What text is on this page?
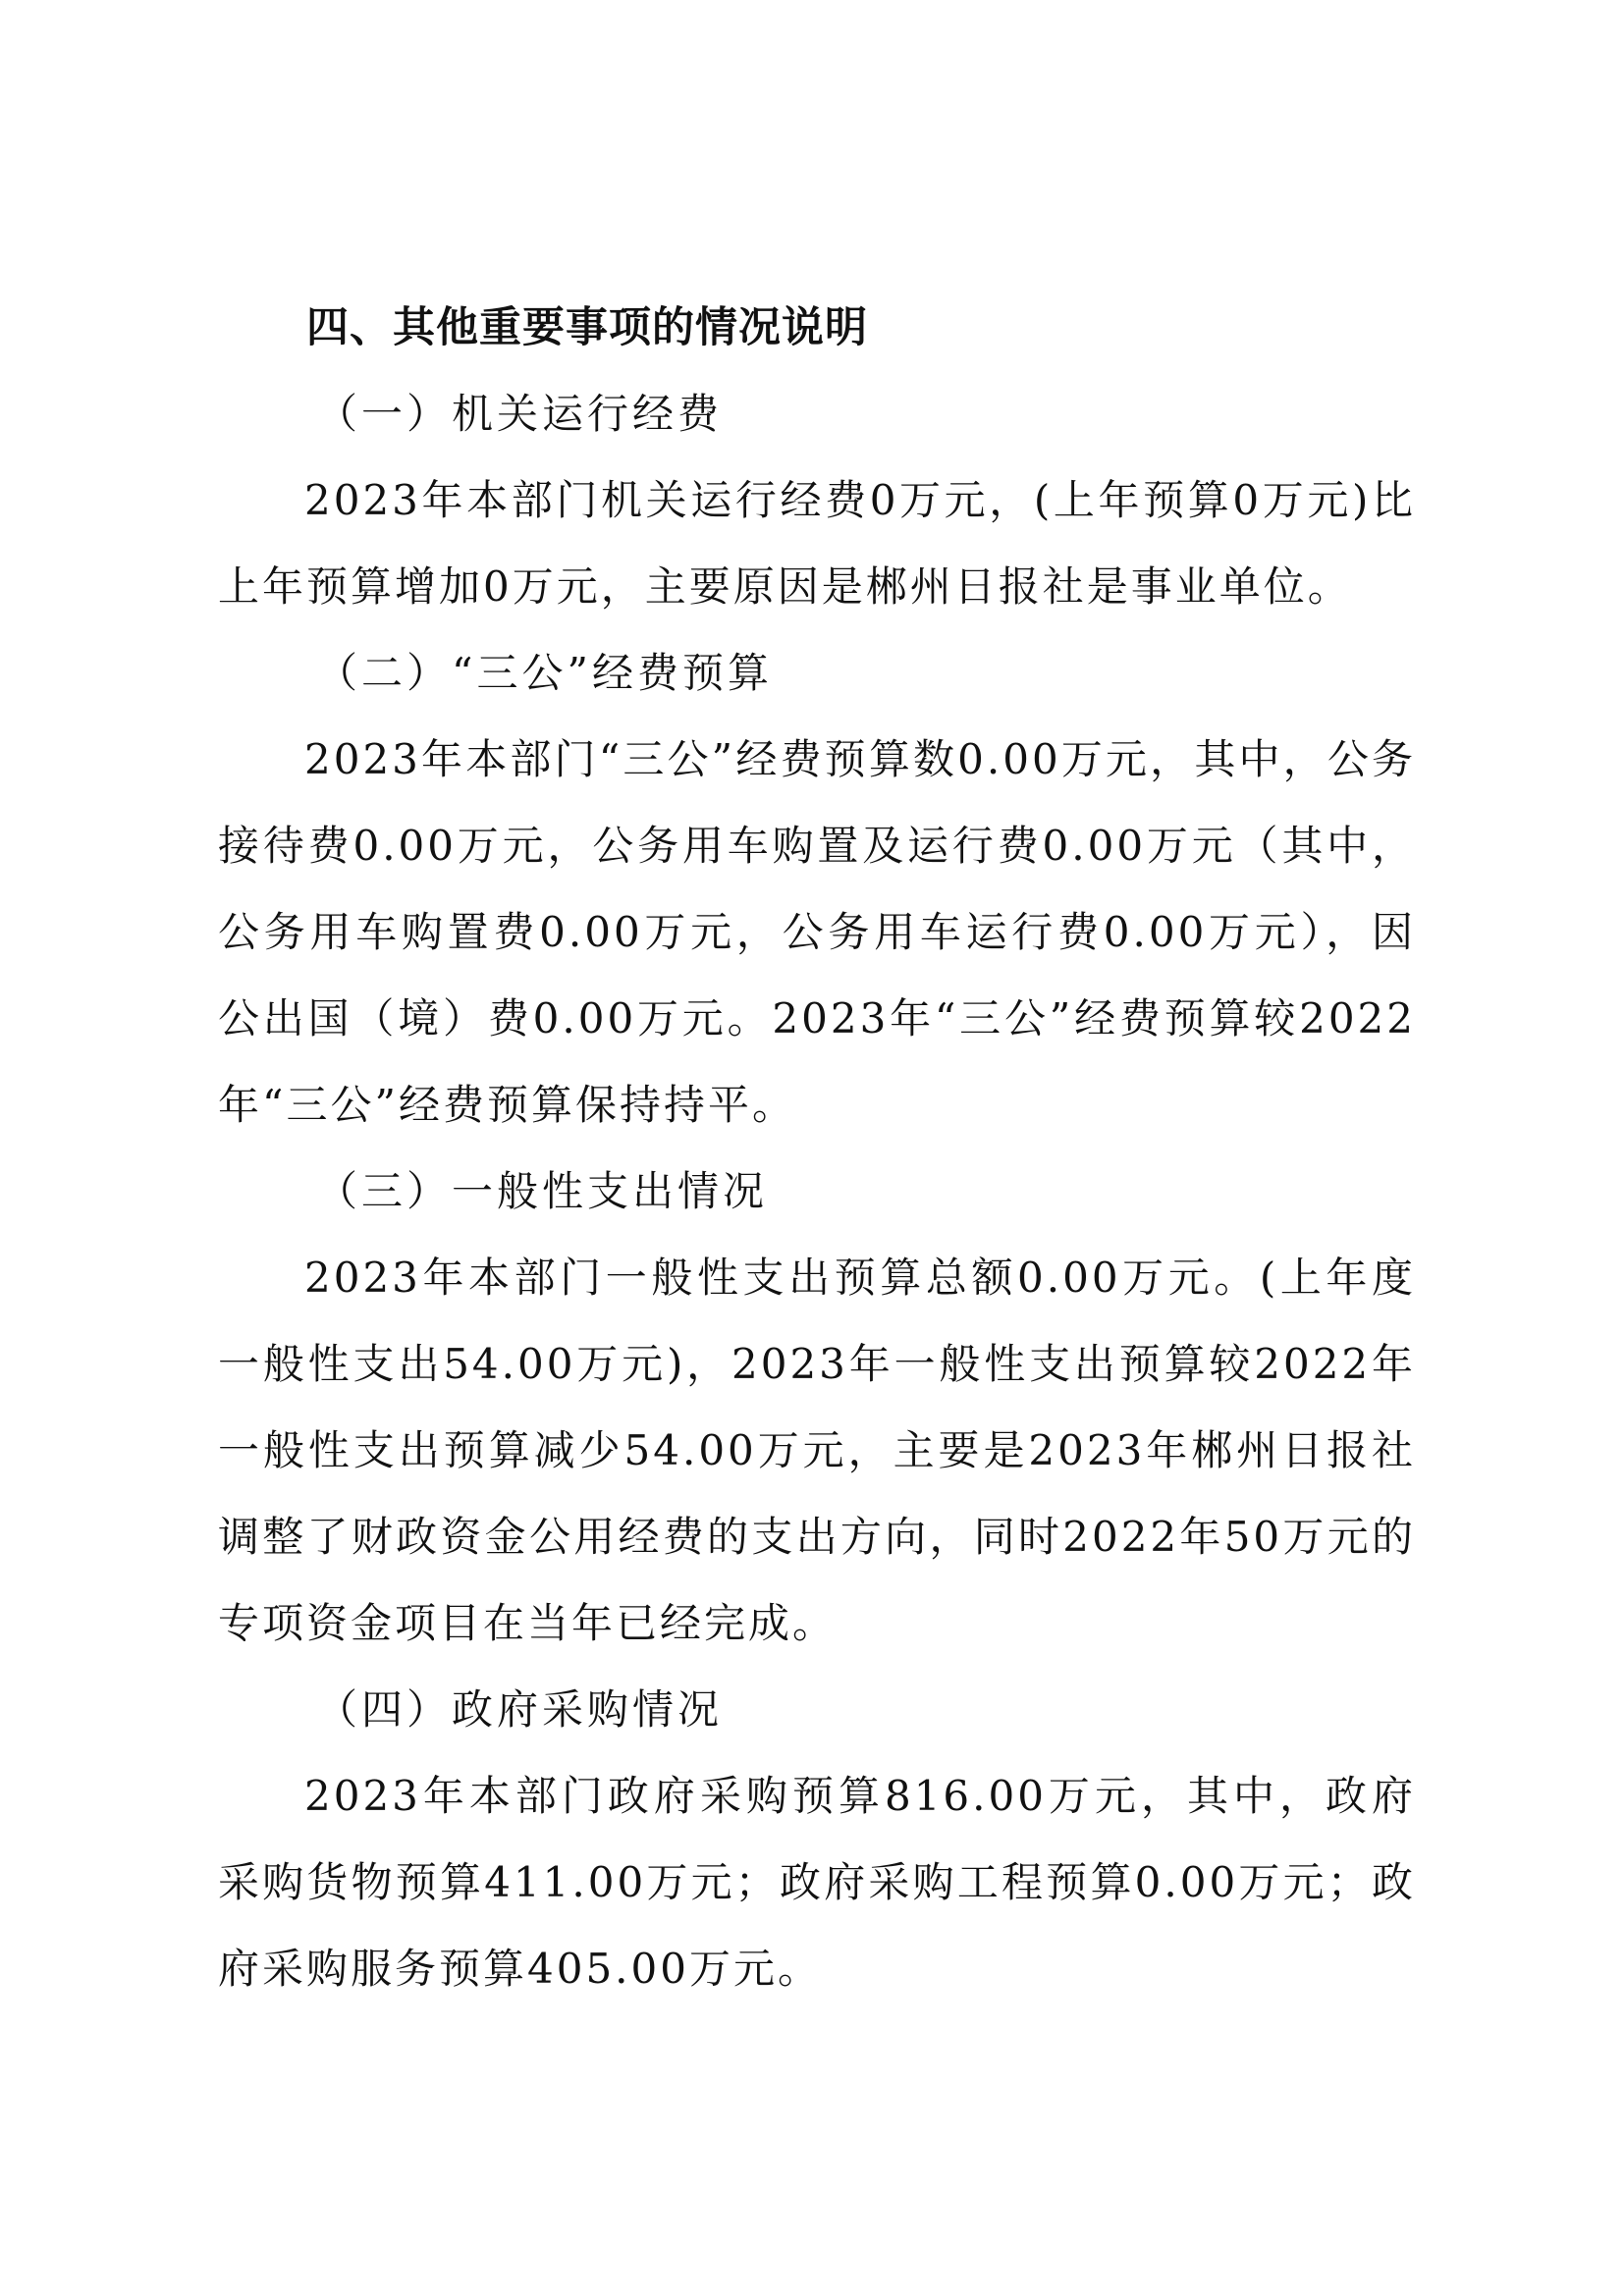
四、其他重要事项的情况说明

（一）机关运行经费

2023年本部门机关运行经费0万元，(上年预算0万元)比上年预算增加0万元，主要原因是郴州日报社是事业单位。

（二）“三公”经费预算

2023年本部门“三公”经费预算数0.00万元，其中，公务接待费0.00万元，公务用车购置及运行费0.00万元（其中，公务用车购置费0.00万元，公务用车运行费0.00万元），因公出国（境）费0.00万元。2023年“三公”经费预算较2022年“三公”经费预算保持持平。

（三）一般性支出情况

2023年本部门一般性支出预算总额0.00万元。(上年度一般性支出54.00万元)，2023年一般性支出预算较2022年一般性支出预算减少54.00万元，主要是2023年郴州日报社调整了财政资金公用经费的支出方向，同时2022年50万元的专项资金项目在当年已经完成。

（四）政府采购情况

2023年本部门政府采购预算816.00万元，其中，政府采购货物预算411.00万元；政府采购工程预算0.00万元；政府采购服务预算405.00万元。
